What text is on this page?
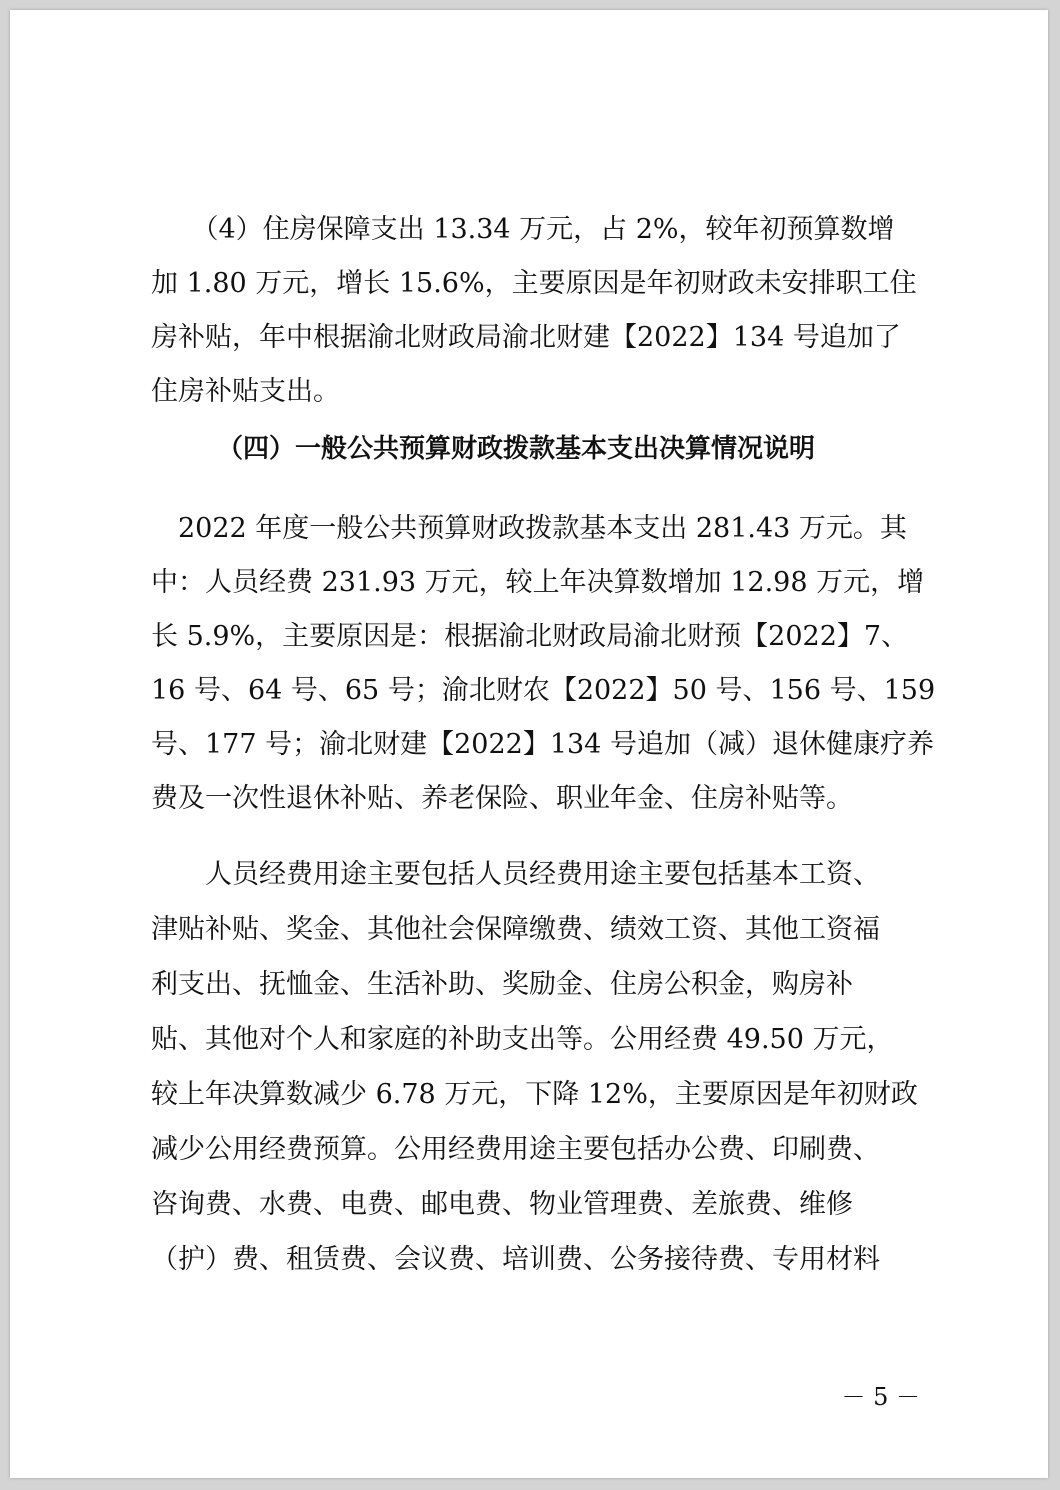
　　（4）住房保障支出 13.34 万元，占 2%，较年初预算数增
加 1.80 万元，增长 15.6%，主要原因是年初财政未安排职工住
房补贴，年中根据渝北财政局渝北财建【2022】134 号追加了
住房补贴支出。
（四）一般公共预算财政拨款基本支出决算情况说明
　2022 年度一般公共预算财政拨款基本支出 281.43 万元。其
中：人员经费 231.93 万元，较上年决算数增加 12.98 万元，增
长 5.9%，主要原因是：根据渝北财政局渝北财预【2022】7、
16 号、64 号、65 号；渝北财农【2022】50 号、156 号、159
号、177 号；渝北财建【2022】134 号追加（减）退休健康疗养
费及一次性退休补贴、养老保险、职业年金、住房补贴等。
　　人员经费用途主要包括人员经费用途主要包括基本工资、
津贴补贴、奖金、其他社会保障缴费、绩效工资、其他工资福
利支出、抚恤金、生活补助、奖励金、住房公积金，购房补
贴、其他对个人和家庭的补助支出等。公用经费 49.50 万元，
较上年决算数减少 6.78 万元，下降 12%，主要原因是年初财政
减少公用经费预算。公用经费用途主要包括办公费、印刷费、
咨询费、水费、电费、邮电费、物业管理费、差旅费、维修
（护）费、租赁费、会议费、培训费、公务接待费、专用材料
－ 5 －
